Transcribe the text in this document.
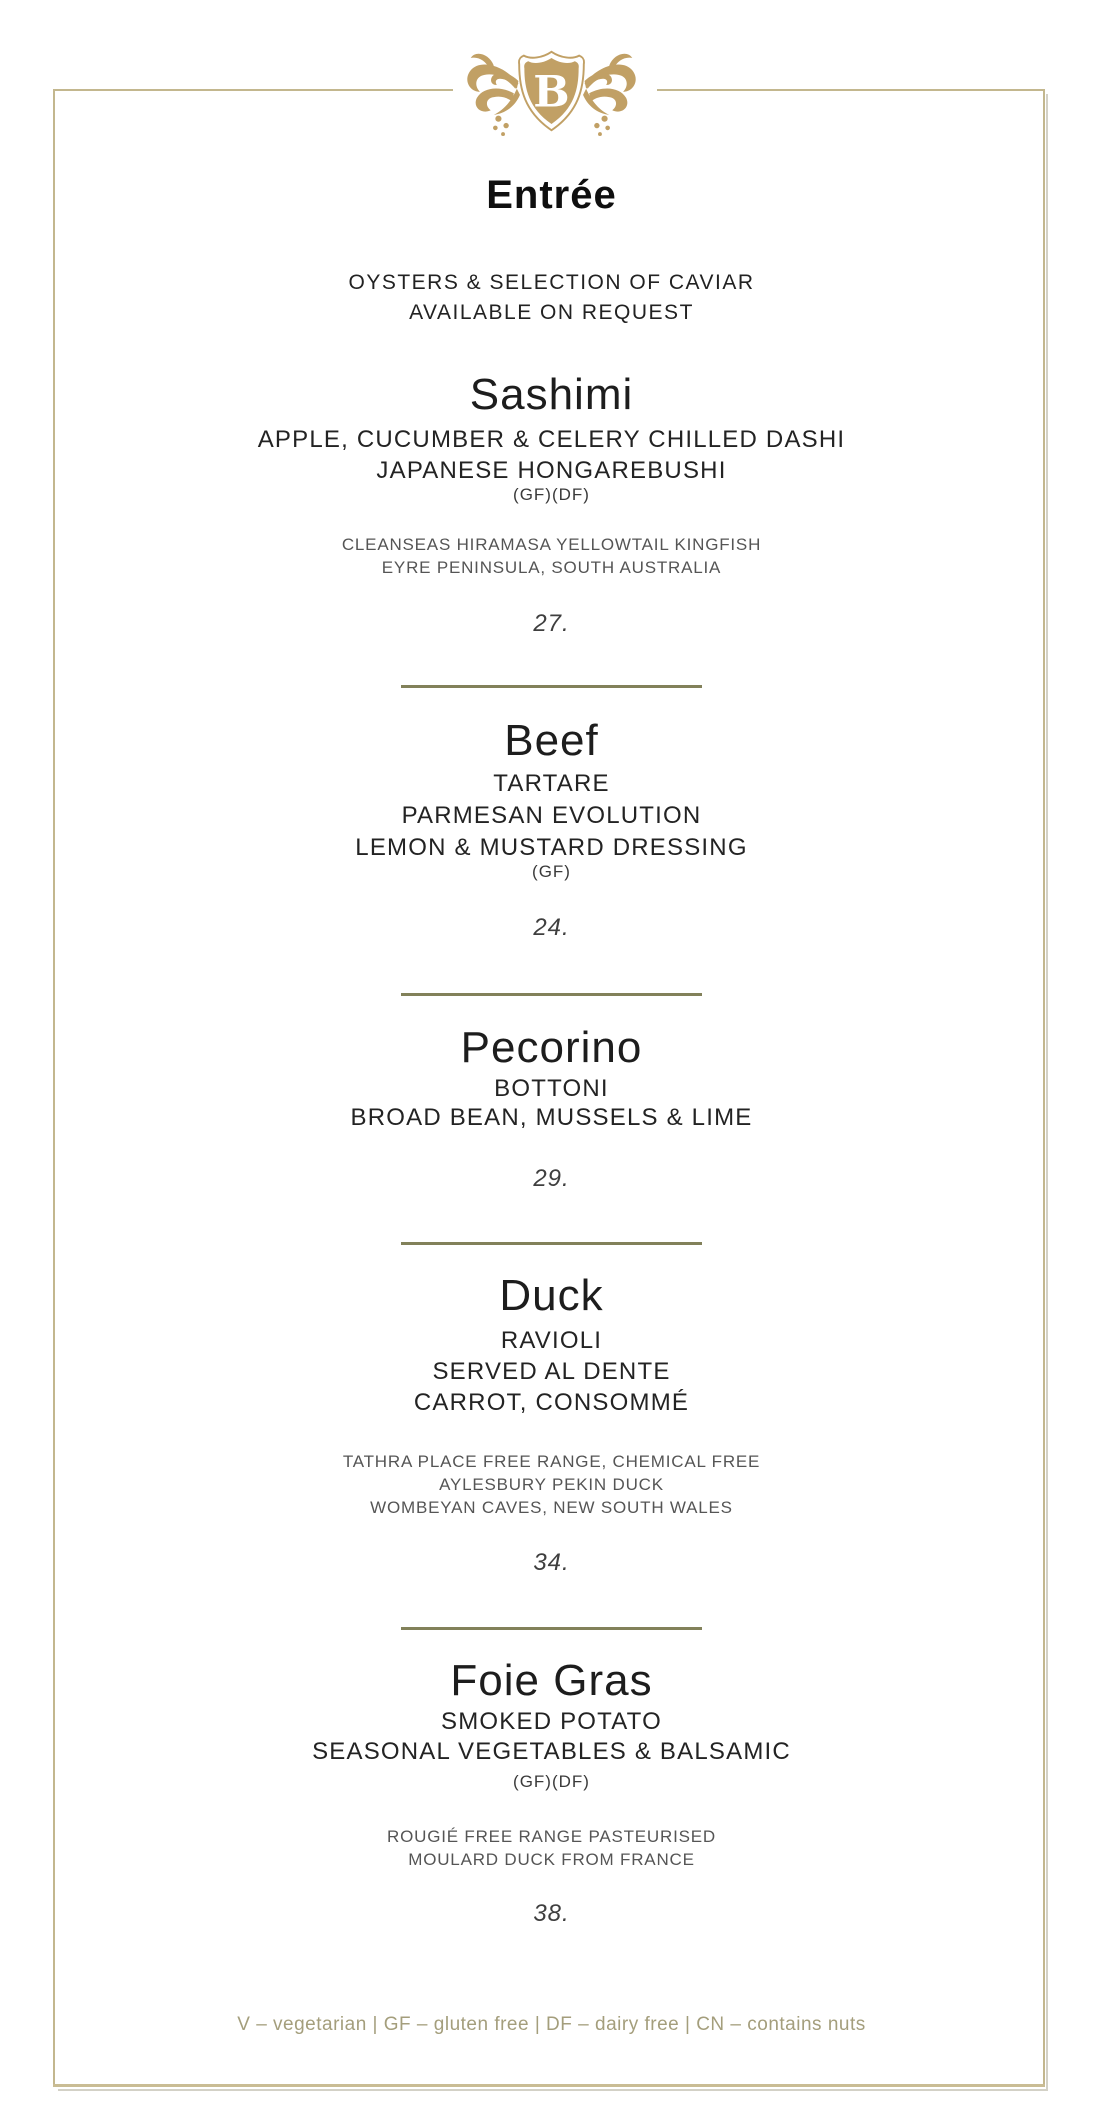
B
Entrée
OYSTERS & SELECTION OF CAVIAR
AVAILABLE ON REQUEST
Sashimi
APPLE, CUCUMBER & CELERY CHILLED DASHI
JAPANESE HONGAREBUSHI
(GF)(DF)
CLEANSEAS HIRAMASA YELLOWTAIL KINGFISH
EYRE PENINSULA, SOUTH AUSTRALIA
27.
Beef
TARTARE
PARMESAN EVOLUTION
LEMON & MUSTARD DRESSING
(GF)
24.
Pecorino
BOTTONI
BROAD BEAN, MUSSELS & LIME
29.
Duck
RAVIOLI
SERVED AL DENTE
CARROT, CONSOMMÉ
TATHRA PLACE FREE RANGE, CHEMICAL FREE
AYLESBURY PEKIN DUCK
WOMBEYAN CAVES, NEW SOUTH WALES
34.
Foie Gras
SMOKED POTATO
SEASONAL VEGETABLES & BALSAMIC
(GF)(DF)
ROUGIÉ FREE RANGE PASTEURISED
MOULARD DUCK FROM FRANCE
38.
V – vegetarian | GF – gluten free | DF – dairy free | CN – contains nuts
